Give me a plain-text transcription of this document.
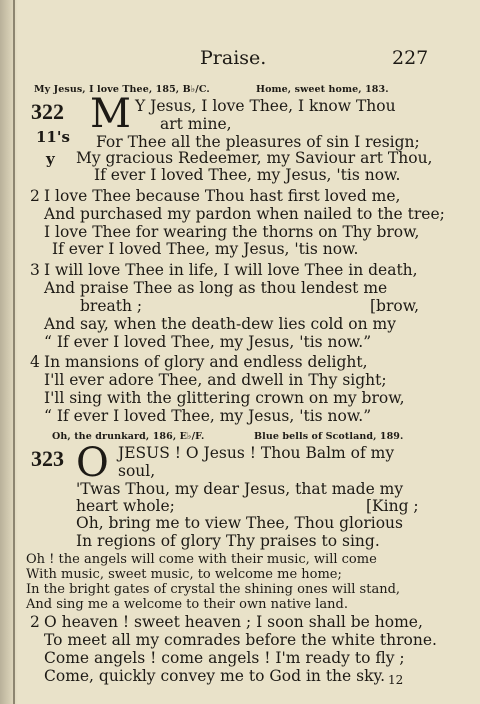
Praise.	227
My Jesus, I love Thee, 185, B♭/C.	Home, sweet home, 183.
322 M Y Jesus, I love Thee, I know Thou
art mine,
11's For Thee all the pleasures of sin I resign;
y My gracious Redeemer, my Saviour art Thou,
If ever I loved Thee, my Jesus, 'tis now.
2 I love Thee because Thou hast first loved me,
And purchased my pardon when nailed to the tree;
I love Thee for wearing the thorns on Thy brow,
If ever I loved Thee, my Jesus, 'tis now.
3 I will love Thee in life, I will love Thee in death,
And praise Thee as long as thou lendest me
breath ;	[brow,
And say, when the death-dew lies cold on my
“ If ever I loved Thee, my Jesus, 'tis now.”
4 In mansions of glory and endless delight,
I'll ever adore Thee, and dwell in Thy sight;
I'll sing with the glittering crown on my brow,
“ If ever I loved Thee, my Jesus, 'tis now.”
Oh, the drunkard, 186, E♭/F.	Blue bells of Scotland, 189.
323 O JESUS ! O Jesus ! Thou Balm of my
soul,
'Twas Thou, my dear Jesus, that made my
heart whole;	[King ;
Oh, bring me to view Thee, Thou glorious
In regions of glory Thy praises to sing.
Oh ! the angels will come with their music, will come
With music, sweet music, to welcome me home;
In the bright gates of crystal the shining ones will stand,
And sing me a welcome to their own native land.
2 O heaven ! sweet heaven ; I soon shall be home,
To meet all my comrades before the white throne.
Come angels ! come angels ! I'm ready to fly ;
Come, quickly convey me to God in the sky. 12
